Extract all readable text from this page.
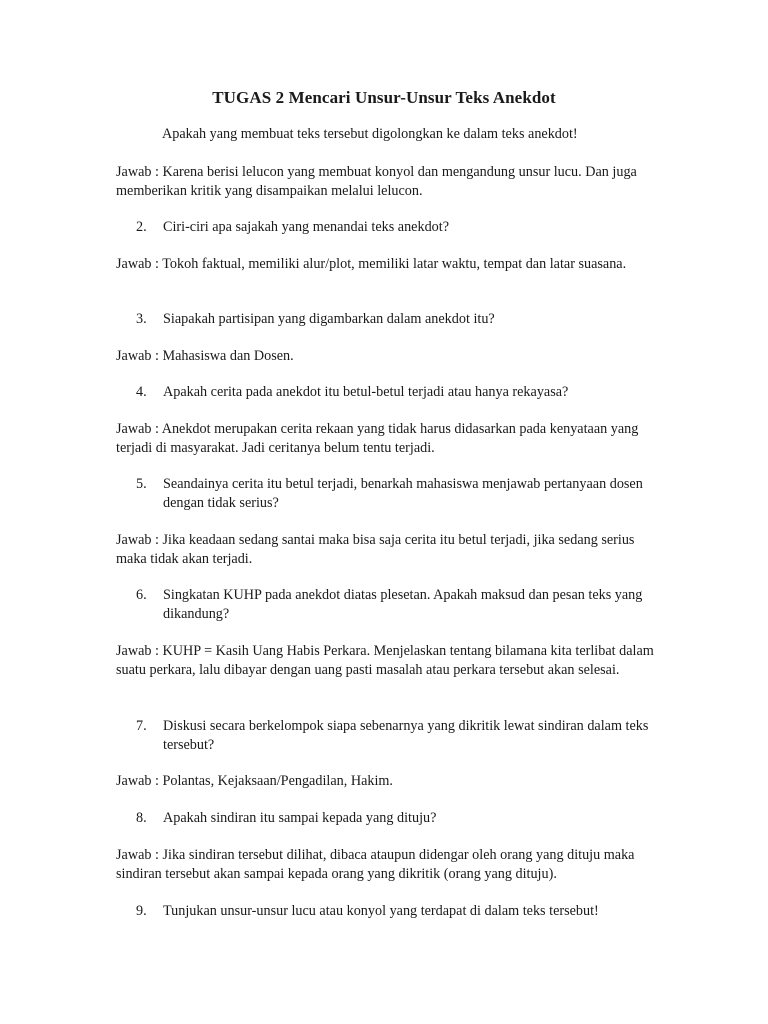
TUGAS 2 Mencari Unsur-Unsur Teks Anekdot
Apakah yang membuat teks tersebut digolongkan ke dalam teks anekdot!
Jawab : Karena berisi lelucon yang membuat konyol dan mengandung unsur lucu. Dan juga memberikan kritik yang disampaikan melalui lelucon.
2.	Ciri-ciri apa sajakah yang menandai teks anekdot?
Jawab : Tokoh faktual, memiliki alur/plot, memiliki latar waktu, tempat dan latar suasana.
3.	Siapakah partisipan yang digambarkan dalam anekdot itu?
Jawab : Mahasiswa dan Dosen.
4.	Apakah cerita pada anekdot itu betul-betul terjadi atau hanya rekayasa?
Jawab : Anekdot merupakan cerita rekaan yang tidak harus didasarkan pada kenyataan yang terjadi di masyarakat. Jadi ceritanya belum tentu terjadi.
5.	Seandainya cerita itu betul terjadi, benarkah mahasiswa menjawab pertanyaan dosen dengan tidak serius?
Jawab : Jika keadaan sedang santai maka bisa saja cerita itu betul terjadi, jika sedang serius maka tidak akan terjadi.
6.	Singkatan KUHP pada anekdot diatas plesetan. Apakah maksud dan pesan teks yang dikandung?
Jawab : KUHP = Kasih Uang Habis Perkara. Menjelaskan tentang bilamana kita terlibat dalam suatu perkara, lalu dibayar dengan uang pasti masalah atau perkara tersebut akan selesai.
7.	Diskusi secara berkelompok siapa sebenarnya yang dikritik lewat sindiran dalam teks tersebut?
Jawab : Polantas, Kejaksaan/Pengadilan, Hakim.
8.	Apakah sindiran itu sampai kepada yang dituju?
Jawab : Jika sindiran tersebut dilihat, dibaca ataupun didengar oleh orang yang dituju maka sindiran tersebut akan sampai kepada orang yang dikritik (orang yang dituju).
9.	Tunjukan unsur-unsur lucu atau konyol yang terdapat di dalam teks tersebut!
